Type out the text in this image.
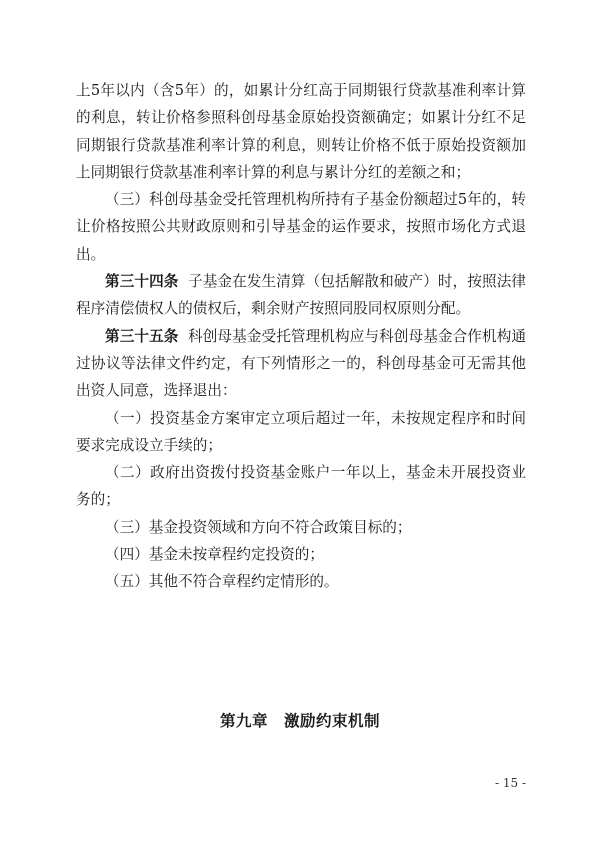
上5年以内（含5年）的，如累计分红高于同期银行贷款基准利率计算的利息，转让价格参照科创母基金原始投资额确定；如累计分红不足同期银行贷款基准利率计算的利息，则转让价格不低于原始投资额加上同期银行贷款基准利率计算的利息与累计分红的差额之和；

（三）科创母基金受托管理机构所持有子基金份额超过5年的，转让价格按照公共财政原则和引导基金的运作要求，按照市场化方式退出。

第三十四条 子基金在发生清算（包括解散和破产）时，按照法律程序清偿债权人的债权后，剩余财产按照同股同权原则分配。

第三十五条 科创母基金受托管理机构应与科创母基金合作机构通过协议等法律文件约定，有下列情形之一的，科创母基金可无需其他出资人同意，选择退出：

（一）投资基金方案审定立项后超过一年，未按规定程序和时间要求完成设立手续的；

（二）政府出资拨付投资基金账户一年以上，基金未开展投资业务的；

（三）基金投资领域和方向不符合政策目标的；

（四）基金未按章程约定投资的；

（五）其他不符合章程约定情形的。

第九章　激励约束机制
- 15 -
